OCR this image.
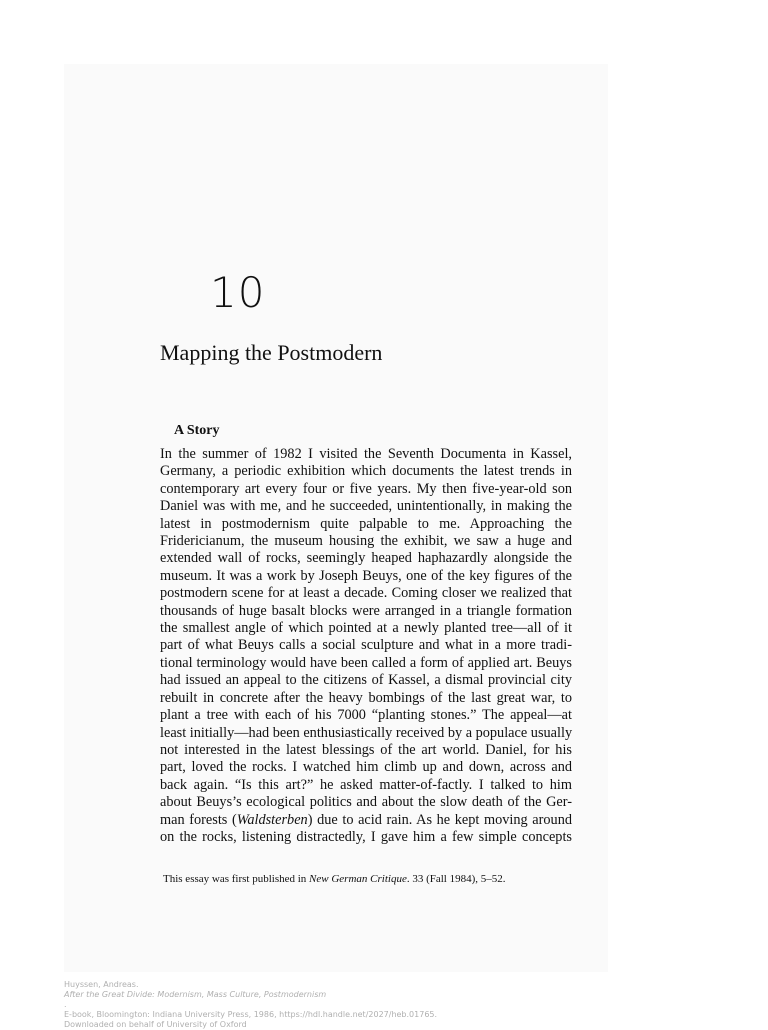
10
Mapping the Postmodern
A Story
In the summer of 1982 I visited the Seventh Documenta in Kassel,
Germany, a periodic exhibition which documents the latest trends in
contemporary art every four or five years. My then five-year-old son
Daniel was with me, and he succeeded, unintentionally, in making the
latest in postmodernism quite palpable to me. Approaching the
Fridericianum, the museum housing the exhibit, we saw a huge and
extended wall of rocks, seemingly heaped haphazardly alongside the
museum. It was a work by Joseph Beuys, one of the key figures of the
postmodern scene for at least a decade. Coming closer we realized that
thousands of huge basalt blocks were arranged in a triangle formation
the smallest angle of which pointed at a newly planted tree—all of it
part of what Beuys calls a social sculpture and what in a more tradi-
tional terminology would have been called a form of applied art. Beuys
had issued an appeal to the citizens of Kassel, a dismal provincial city
rebuilt in concrete after the heavy bombings of the last great war, to
plant a tree with each of his 7000 “planting stones.” The appeal—at
least initially—had been enthusiastically received by a populace usually
not interested in the latest blessings of the art world. Daniel, for his
part, loved the rocks. I watched him climb up and down, across and
back again. “Is this art?” he asked matter-of-factly. I talked to him
about Beuys’s ecological politics and about the slow death of the Ger-
man forests (Waldsterben) due to acid rain. As he kept moving around
on the rocks, listening distractedly, I gave him a few simple concepts
This essay was first published in New German Critique. 33 (Fall 1984), 5–52.
Huyssen, Andreas.
After the Great Divide: Modernism, Mass Culture, Postmodernism
.
E-book, Bloomington: Indiana University Press, 1986, https://hdl.handle.net/2027/heb.01765.
Downloaded on behalf of University of Oxford
